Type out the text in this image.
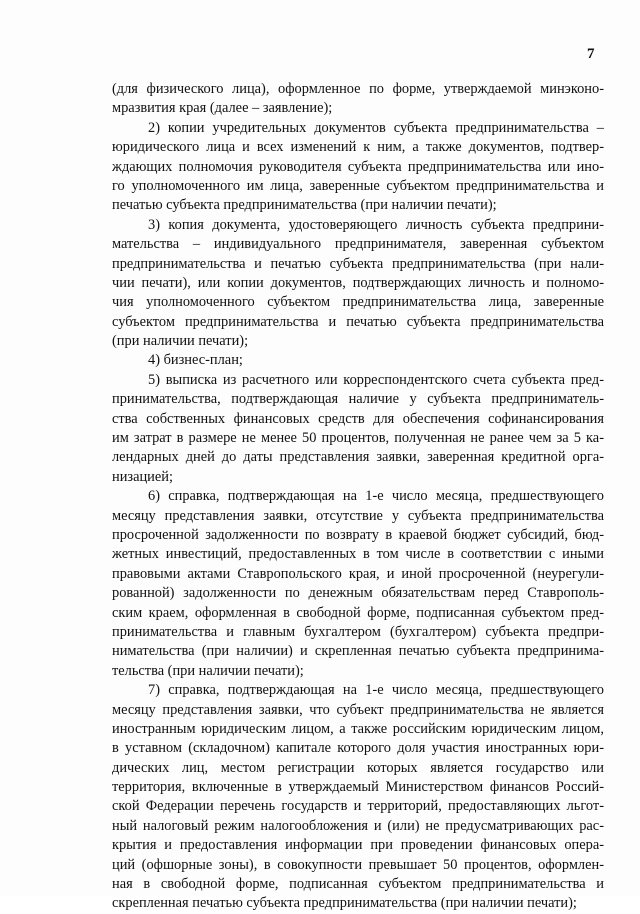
7
(для физического лица), оформленное по форме, утверждаемой минэконо-
мразвития края (далее – заявление);
2) копии учредительных документов субъекта предпринимательства –
юридического лица и всех изменений к ним, а также документов, подтвер-
ждающих полномочия руководителя субъекта предпринимательства или ино-
го уполномоченного им лица, заверенные субъектом предпринимательства и
печатью субъекта предпринимательства (при наличии печати);
3) копия документа, удостоверяющего личность субъекта предприни-
мательства – индивидуального предпринимателя, заверенная субъектом
предпринимательства и печатью субъекта предпринимательства (при нали-
чии печати), или копии документов, подтверждающих личность и полномо-
чия уполномоченного субъектом предпринимательства лица, заверенные
субъектом предпринимательства и печатью субъекта предпринимательства
(при наличии печати);
4) бизнес-план;
5) выписка из расчетного или корреспондентского счета субъекта пред-
принимательства, подтверждающая наличие у субъекта предприниматель-
ства собственных финансовых средств для обеспечения софинансирования
им затрат в размере не менее 50 процентов, полученная не ранее чем за 5 ка-
лендарных дней до даты представления заявки, заверенная кредитной орга-
низацией;
6) справка, подтверждающая на 1-е число месяца, предшествующего
месяцу представления заявки, отсутствие у субъекта предпринимательства
просроченной задолженности по возврату в краевой бюджет субсидий, бюд-
жетных инвестиций, предоставленных в том числе в соответствии с иными
правовыми актами Ставропольского края, и иной просроченной (неурегули-
рованной) задолженности по денежным обязательствам перед Ставрополь-
ским краем, оформленная в свободной форме, подписанная субъектом пред-
принимательства и главным бухгалтером (бухгалтером) субъекта предпри-
нимательства (при наличии) и скрепленная печатью субъекта предпринима-
тельства (при наличии печати);
7) справка, подтверждающая на 1-е число месяца, предшествующего
месяцу представления заявки, что субъект предпринимательства не является
иностранным юридическим лицом, а также российским юридическим лицом,
в уставном (складочном) капитале которого доля участия иностранных юри-
дических лиц, местом регистрации которых является государство или
территория, включенные в утверждаемый Министерством финансов Россий-
ской Федерации перечень государств и территорий, предоставляющих льгот-
ный налоговый режим налогообложения и (или) не предусматривающих рас-
крытия и предоставления информации при проведении финансовых опера-
ций (офшорные зоны), в совокупности превышает 50 процентов, оформлен-
ная в свободной форме, подписанная субъектом предпринимательства и
скрепленная печатью субъекта предпринимательства (при наличии печати);
